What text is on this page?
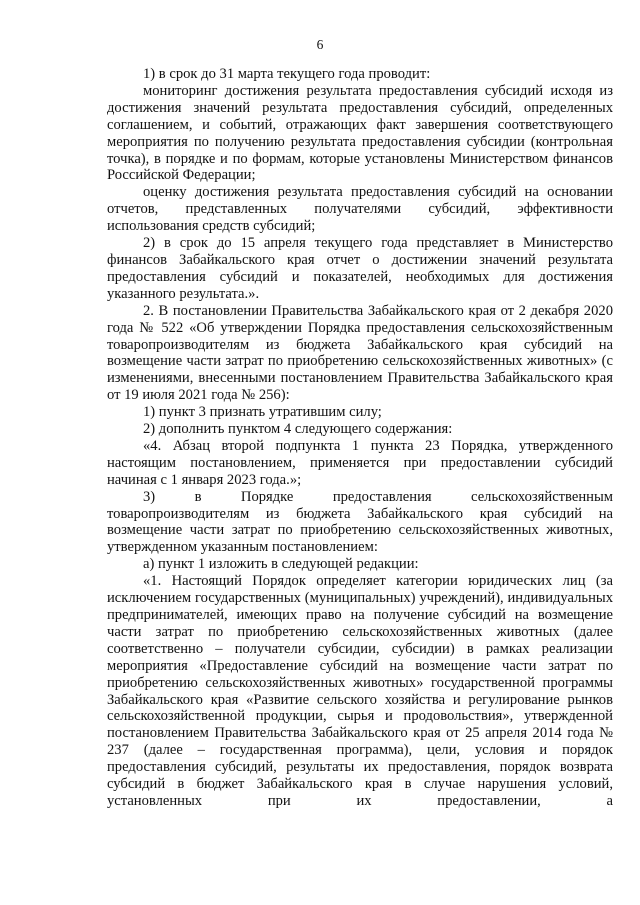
6

1) в срок до 31 марта текущего года проводит:

мониторинг достижения результата предоставления субсидий исходя из достижения значений результата предоставления субсидий, определенных соглашением, и событий, отражающих факт завершения соответствующего мероприятия по получению результата предоставления субсидии (контрольная точка), в порядке и по формам, которые установлены Министерством финансов Российской Федерации;

оценку достижения результата предоставления субсидий на основании отчетов, представленных получателями субсидий, эффективности использования средств субсидий;

2) в срок до 15 апреля текущего года представляет в Министерство финансов Забайкальского края отчет о достижении значений результата предоставления субсидий и показателей, необходимых для достижения указанного результата.».

2. В постановлении Правительства Забайкальского края от 2 декабря 2020 года № 522 «Об утверждении Порядка предоставления сельскохозяйственным товаропроизводителям из бюджета Забайкальского края субсидий на возмещение части затрат по приобретению сельскохозяйственных животных» (с изменениями, внесенными постановлением Правительства Забайкальского края от 19 июля 2021 года № 256):

1) пункт 3 признать утратившим силу;

2) дополнить пунктом 4 следующего содержания:

«4. Абзац второй подпункта 1 пункта 23 Порядка, утвержденного настоящим постановлением, применяется при предоставлении субсидий начиная с 1 января 2023 года.»;

3) в Порядке предоставления сельскохозяйственным товаропроизводителям из бюджета Забайкальского края субсидий на возмещение части затрат по приобретению сельскохозяйственных животных, утвержденном указанным постановлением:

а) пункт 1 изложить в следующей редакции:

«1. Настоящий Порядок определяет категории юридических лиц (за исключением государственных (муниципальных) учреждений), индивидуальных предпринимателей, имеющих право на получение субсидий на возмещение части затрат по приобретению сельскохозяйственных животных (далее соответственно – получатели субсидии, субсидии) в рамках реализации мероприятия «Предоставление субсидий на возмещение части затрат по приобретению сельскохозяйственных животных» государственной программы Забайкальского края «Развитие сельского хозяйства и регулирование рынков сельскохозяйственной продукции, сырья и продовольствия», утвержденной постановлением Правительства Забайкальского края от 25 апреля 2014 года № 237 (далее – государственная программа), цели, условия и порядок предоставления субсидий, результаты их предоставления, порядок возврата субсидий в бюджет Забайкальского края в случае нарушения условий, установленных при их предоставлении, а
